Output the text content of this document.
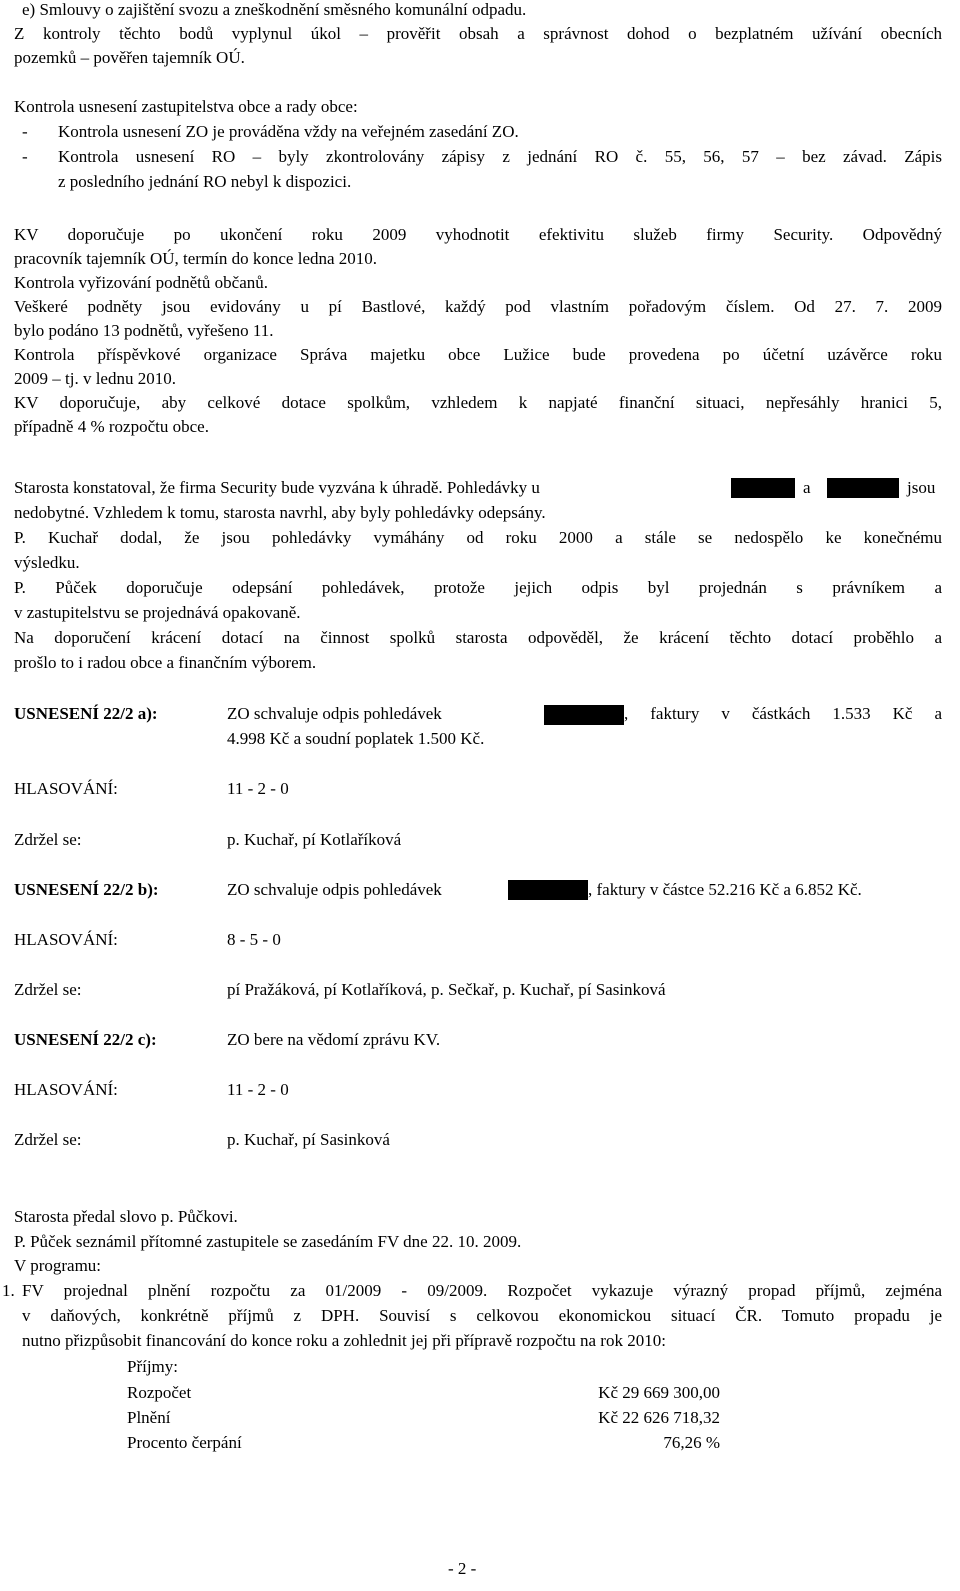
e) Smlouvy o zajištění svozu a zneškodnění směsného komunální odpadu.
Z kontroly těchto bodů vyplynul úkol – prověřit obsah a správnost dohod o bezplatném užívání obecních
pozemků – pověřen tajemník OÚ.
Kontrola usnesení zastupitelstva obce a rady obce:
- Kontrola usnesení ZO je prováděna vždy na veřejném zasedání ZO.
- Kontrola usnesení RO – byly zkontrolovány zápisy z jednání RO č. 55, 56, 57 – bez závad. Zápis
z posledního jednání RO nebyl k dispozici.
KV doporučuje po ukončení roku 2009 vyhodnotit efektivitu služeb firmy Security. Odpovědný
pracovník tajemník OÚ, termín do konce ledna 2010.
Kontrola vyřizování podnětů občanů.
Veškeré podněty jsou evidovány u pí Bastlové, každý pod vlastním pořadovým číslem. Od 27. 7. 2009
bylo podáno 13 podnětů, vyřešeno 11.
Kontrola příspěvkové organizace Správa majetku obce Lužice bude provedena po účetní uzávěrce roku
2009 – tj. v lednu 2010.
KV doporučuje, aby celkové dotace spolkům, vzhledem k napjaté finanční situaci, nepřesáhly hranici 5,
případně 4 % rozpočtu obce.
Starosta konstatoval, že firma Security bude vyzvána k úhradě. Pohledávky u	a	jsou
nedobytné. Vzhledem k tomu, starosta navrhl, aby byly pohledávky odepsány.
P. Kuchař dodal, že jsou pohledávky vymáhány od roku 2000 a stále se nedospělo ke konečnému
výsledku.
P. Půček doporučuje odepsání pohledávek, protože jejich odpis byl projednán s právníkem a
v zastupitelstvu se projednává opakovaně.
Na doporučení krácení dotací na činnost spolků starosta odpověděl, že krácení těchto dotací proběhlo a
prošlo to i radou obce a finančním výborem.
USNESENÍ 22/2 a):	ZO schvaluje odpis pohledávek	, faktury v částkách 1.533 Kč a
4.998 Kč a soudní poplatek 1.500 Kč.
HLASOVÁNÍ:	11 - 2 - 0
Zdržel se:	p. Kuchař, pí Kotlaříková
USNESENÍ 22/2 b):	ZO schvaluje odpis pohledávek	, faktury v částce 52.216 Kč a 6.852 Kč.
HLASOVÁNÍ:	8 - 5 - 0
Zdržel se:	pí Pražáková, pí Kotlaříková, p. Sečkař, p. Kuchař, pí Sasinková
USNESENÍ 22/2 c):	ZO bere na vědomí zprávu KV.
HLASOVÁNÍ:	11 - 2 - 0
Zdržel se:	p. Kuchař, pí Sasinková
Starosta předal slovo p. Půčkovi.
P. Půček seznámil přítomné zastupitele se zasedáním FV dne 22. 10. 2009.
V programu:
1. FV projednal plnění rozpočtu za 01/2009 - 09/2009. Rozpočet vykazuje výrazný propad příjmů, zejména
v daňových, konkrétně příjmů z DPH. Souvisí s celkovou ekonomickou situací ČR. Tomuto propadu je
nutno přizpůsobit financování do konce roku a zohlednit jej při přípravě rozpočtu na rok 2010:
Příjmy:
Rozpočet	Kč 29 669 300,00
Plnění	Kč 22 626 718,32
Procento čerpání	76,26 %
- 2 -
